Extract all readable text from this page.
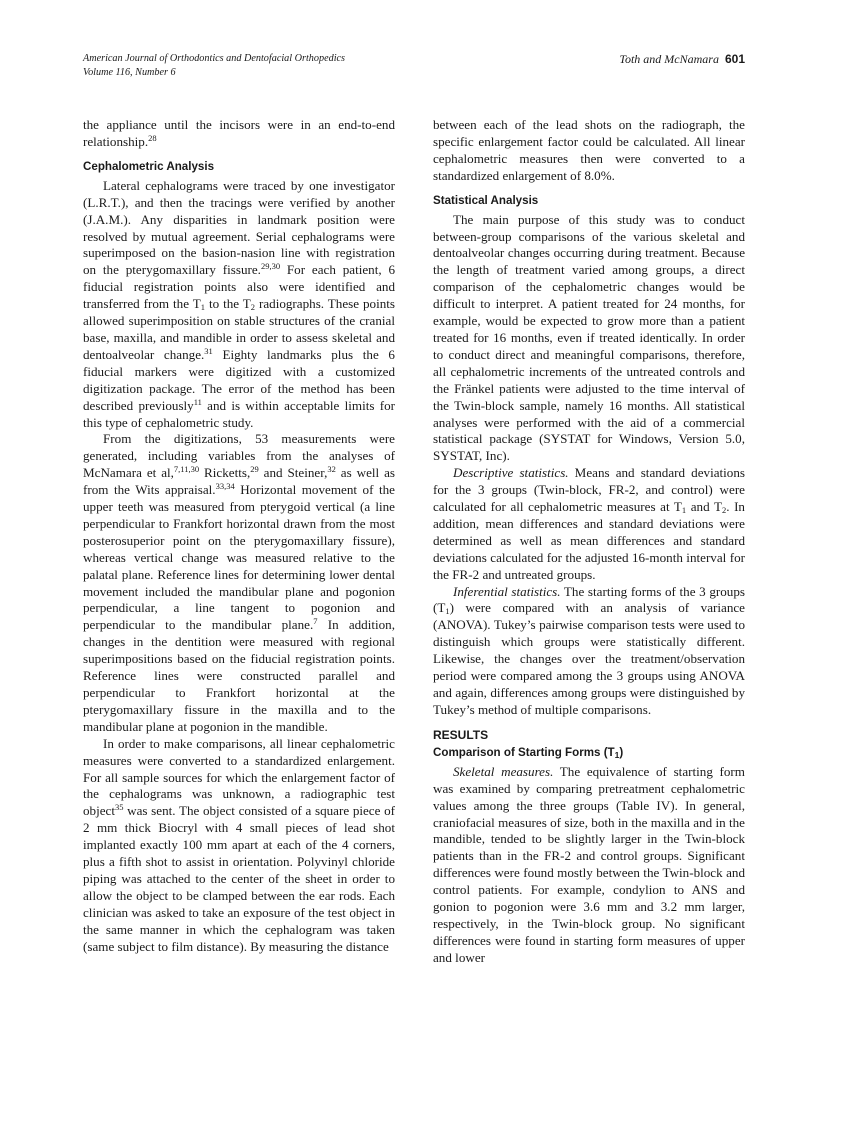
American Journal of Orthodontics and Dentofacial Orthopedics
Volume 116, Number 6
Toth and McNamara 601

the appliance until the incisors were in an end-to-end relationship.$^{28}$

Cephalometric Analysis

Lateral cephalograms were traced by one investigator (L.R.T.), and then the tracings were verified by another (J.A.M.). Any disparities in landmark position were resolved by mutual agreement. Serial cephalograms were superimposed on the basion-nasion line with registration on the pterygomaxillary fissure.$^{29,30}$ For each patient, 6 fiducial registration points also were identified and transferred from the $T_1$ to the $T_2$ radiographs. These points allowed superimposition on stable structures of the cranial base, maxilla, and mandible in order to assess skeletal and dentoalveolar change.$^{31}$ Eighty landmarks plus the 6 fiducial markers were digitized with a customized digitization package. The error of the method has been described previously$^{11}$ and is within acceptable limits for this type of cephalometric study.

From the digitizations, 53 measurements were generated, including variables from the analyses of McNamara et al,$^{7,11,30}$ Ricketts,$^{29}$ and Steiner,$^{32}$ as well as from the Wits appraisal.$^{33,34}$ Horizontal movement of the upper teeth was measured from pterygoid vertical (a line perpendicular to Frankfort horizontal drawn from the most posterosuperior point on the pterygomaxillary fissure), whereas vertical change was measured relative to the palatal plane. Reference lines for determining lower dental movement included the mandibular plane and pogonion perpendicular, a line tangent to pogonion and perpendicular to the mandibular plane.$^7$ In addition, changes in the dentition were measured with regional superimpositions based on the fiducial registration points. Reference lines were constructed parallel and perpendicular to Frankfort horizontal at the pterygomaxillary fissure in the maxilla and to the mandibular plane at pogonion in the mandible.

In order to make comparisons, all linear cephalometric measures were converted to a standardized enlargement. For all sample sources for which the enlargement factor of the cephalograms was unknown, a radiographic test object$^{35}$ was sent. The object consisted of a square piece of 2 mm thick Biocryl with 4 small pieces of lead shot implanted exactly 100 mm apart at each of the 4 corners, plus a fifth shot to assist in orientation. Polyvinyl chloride piping was attached to the center of the sheet in order to allow the object to be clamped between the ear rods. Each clinician was asked to take an exposure of the test object in the same manner in which the cephalogram was taken (same subject to film distance). By measuring the distance

between each of the lead shots on the radiograph, the specific enlargement factor could be calculated. All linear cephalometric measures then were converted to a standardized enlargement of 8.0%.

Statistical Analysis

The main purpose of this study was to conduct between-group comparisons of the various skeletal and dentoalveolar changes occurring during treatment. Because the length of treatment varied among groups, a direct comparison of the cephalometric changes would be difficult to interpret. A patient treated for 24 months, for example, would be expected to grow more than a patient treated for 16 months, even if treated identically. In order to conduct direct and meaningful comparisons, therefore, all cephalometric increments of the untreated controls and the Fränkel patients were adjusted to the time interval of the Twin-block sample, namely 16 months. All statistical analyses were performed with the aid of a commercial statistical package (SYSTAT for Windows, Version 5.0, SYSTAT, Inc).

Descriptive statistics. Means and standard deviations for the 3 groups (Twin-block, FR-2, and control) were calculated for all cephalometric measures at $T_1$ and $T_2$. In addition, mean differences and standard deviations were determined as well as mean differences and standard deviations calculated for the adjusted 16-month interval for the FR-2 and untreated groups.

Inferential statistics. The starting forms of the 3 groups $(T_1)$ were compared with an analysis of variance (ANOVA). Tukey’s pairwise comparison tests were used to distinguish which groups were statistically different. Likewise, the changes over the treatment/observation period were compared among the 3 groups using ANOVA and again, differences among groups were distinguished by Tukey’s method of multiple comparisons.

RESULTS
Comparison of Starting Forms $(T_1)$

Skeletal measures. The equivalence of starting form was examined by comparing pretreatment cephalometric values among the three groups (Table IV). In general, craniofacial measures of size, both in the maxilla and in the mandible, tended to be slightly larger in the Twin-block patients than in the FR-2 and control groups. Significant differences were found mostly between the Twin-block and control patients. For example, condylion to ANS and gonion to pogonion were 3.6 mm and 3.2 mm larger, respectively, in the Twin-block group. No significant differences were found in starting form measures of upper and lower
